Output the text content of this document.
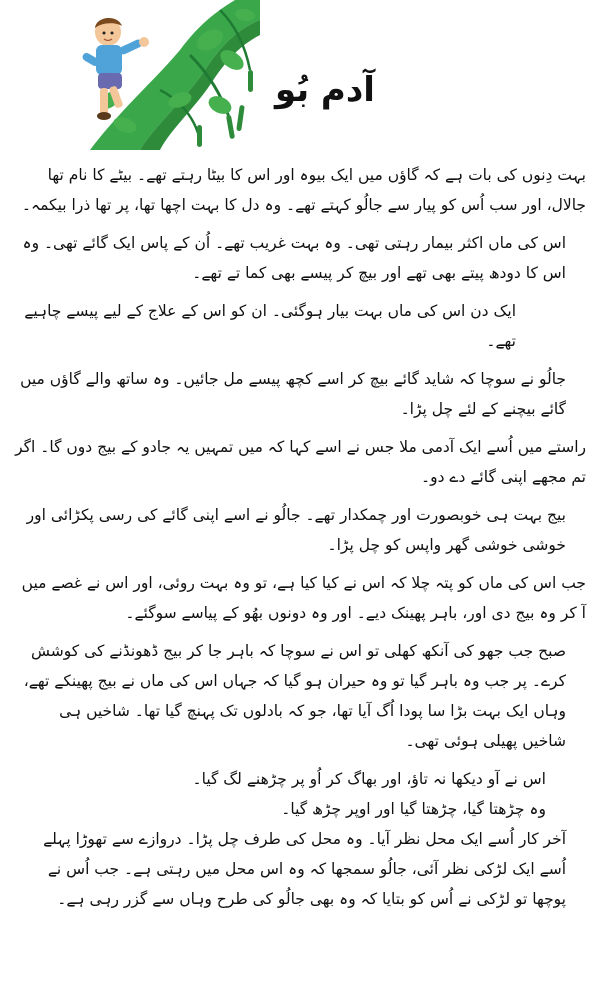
آدم بُو

بہت دِنوں کی بات ہے کہ گاؤں میں ایک بیوہ اور اس کا بیٹا رہتے تھے۔ بیٹے کا نام تھا جالال، اور سب اُس کو پیار سے جالُو کہتے تھے۔ وہ دل کا بہت اچھا تھا، پر تھا ذرا بیکمہ۔

اس کی ماں اکثر بیمار رہتی تھی۔ وہ بہت غریب تھے۔ اُن کے پاس ایک گائے تھی۔ وہ اس کا دودھ پیتے بھی تھے اور بیچ کر پیسے بھی کما تے تھے۔

ایک دن اس کی ماں بہت بیار ہوگئی۔ ان کو اس کے علاج کے لیے پیسے چاہیے تھے۔

جالُو نے سوچا کہ شاید گائے بیچ کر اسے کچھ پیسے مل جائیں۔ وہ ساتھ والے گاؤں میں گائے بیچنے کے لئے چل پڑا۔

راستے میں اُسے ایک آدمی ملا جس نے اسے کہا کہ میں تمہیں یہ جادو کے بیج دوں گا۔ اگر تم مجھے اپنی گائے دے دو۔

بیج بہت ہی خوبصورت اور چمکدار تھے۔ جالُو نے اسے اپنی گائے کی رسی پکڑائی اور خوشی خوشی گھر واپس کو چل پڑا۔

جب اس کی ماں کو پتہ چلا کہ اس نے کیا کیا ہے، تو وہ بہت روئی، اور اس نے غصے میں آ کر وہ بیج دی اور، باہر پھینک دیے۔ اور وہ دونوں بھُو کے پیاسے سوگئے۔

صبح جب جھو کی آنکھ کھلی تو اس نے سوچا کہ باہر جا کر بیج ڈھونڈنے کی کوشش کرے۔ پر جب وہ باہر گیا تو وہ حیران ہو گیا کہ جہاں اس کی ماں نے بیج پھینکے تھے، وہاں ایک بہت بڑا سا پودا اُگ آیا تھا، جو کہ بادلوں تک پہنچ گیا تھا۔ شاخیں ہی شاخیں پھیلی ہوئی تھی۔

اس نے آو دیکھا نہ تاؤ، اور بھاگ کر اُو پر چڑھنے لگ گیا۔

وہ چڑھتا گیا، چڑھتا گیا اور اوپر چڑھ گیا۔

آخر کار اُسے ایک محل نظر آیا۔ وہ محل کی طرف چل پڑا۔ دروازے سے تھوڑا پہلے اُسے ایک لڑکی نظر آئی، جالُو سمجھا کہ وہ اس محل میں رہتی ہے۔ جب اُس نے پوچھا تو لڑکی نے اُس کو بتایا کہ وہ بھی جالُو کی طرح وہاں سے گزر رہی ہے۔
